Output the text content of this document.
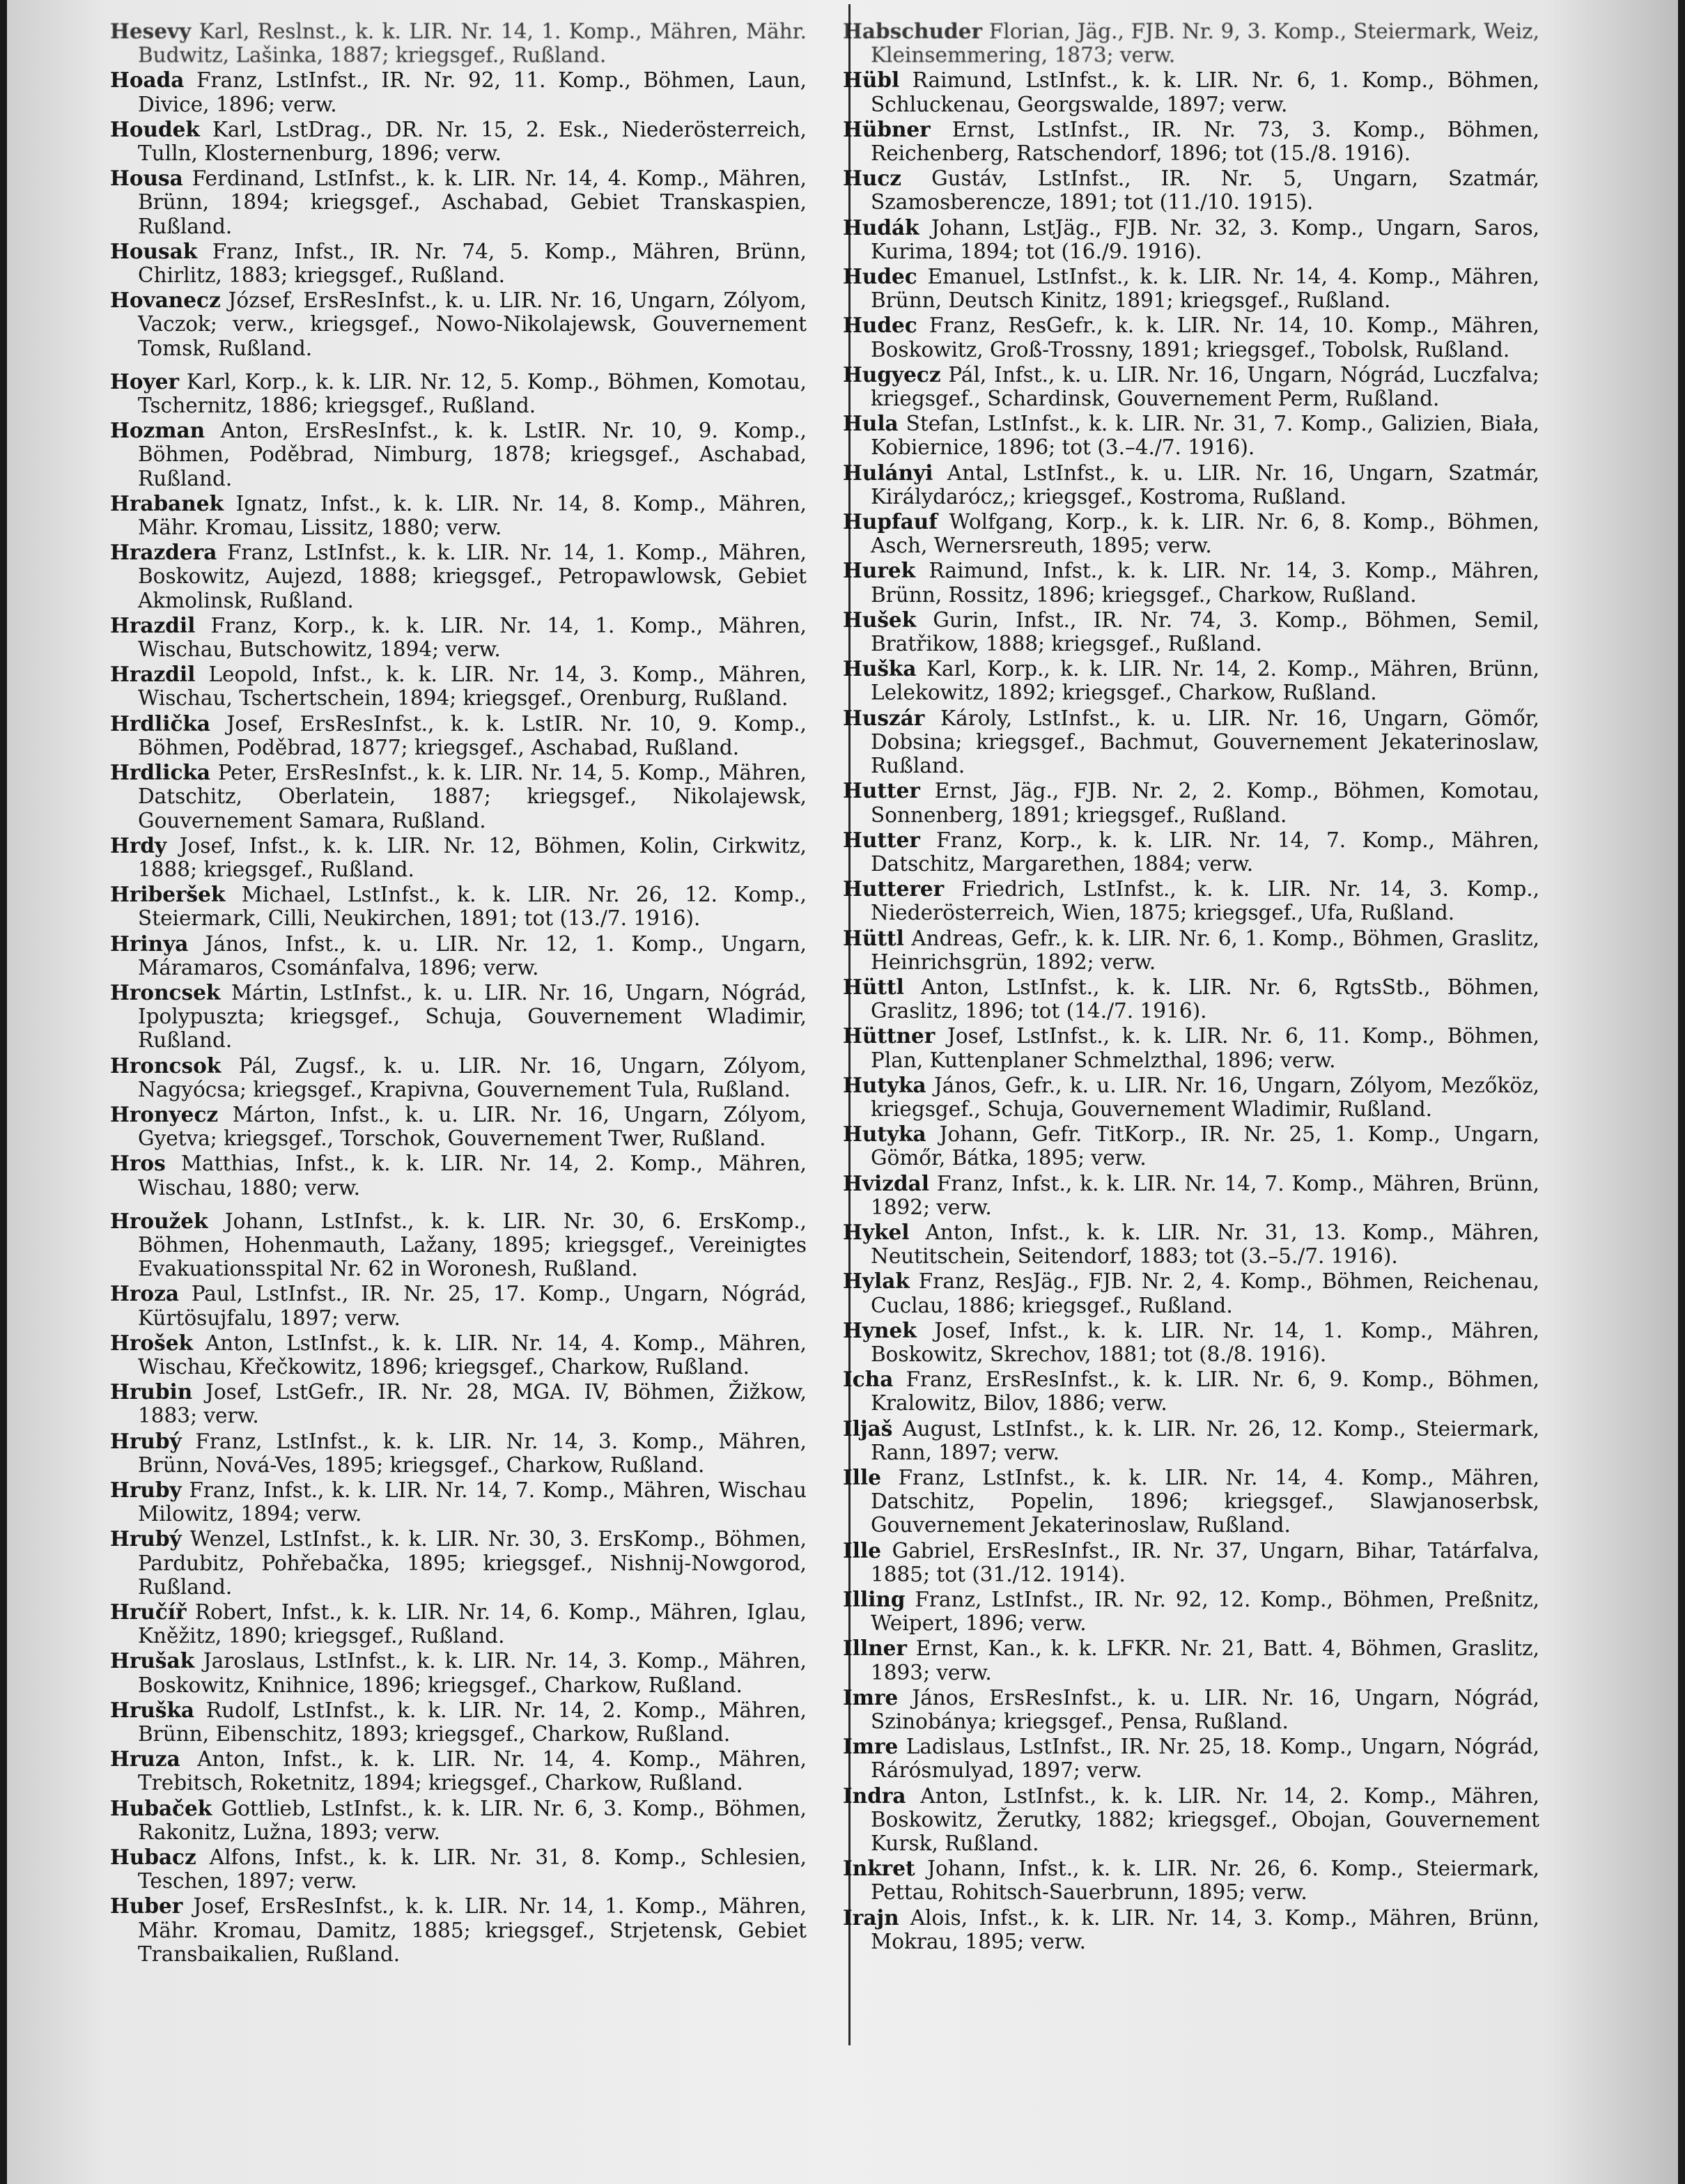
Hesevy Karl, Reslnst., k. k. LIR. Nr. 14, 1. Komp., Mähren, Mähr. Budwitz, Lašinka, 1887; kriegsgef., Rußland.

Hoada Franz, LstInfst., IR. Nr. 92, 11. Komp., Böhmen, Laun, Divice, 1896; verw.

Houdek Karl, LstDrag., DR. Nr. 15, 2. Esk., Niederösterreich, Tulln, Klosternenburg, 1896; verw.

Housa Ferdinand, LstInfst., k. k. LIR. Nr. 14, 4. Komp., Mähren, Brünn, 1894; kriegsgef., Aschabad, Gebiet Transkaspien, Rußland.

Housak Franz, Infst., IR. Nr. 74, 5. Komp., Mähren, Brünn, Chirlitz, 1883; kriegsgef., Rußland.

Hovanecz József, ErsResInfst., k. u. LIR. Nr. 16, Ungarn, Zólyom, Vaczok; verw., kriegsgef., Nowo-Nikolajewsk, Gouvernement Tomsk, Rußland.

Hoyer Karl, Korp., k. k. LIR. Nr. 12, 5. Komp., Böhmen, Komotau, Tschernitz, 1886; kriegsgef., Rußland.

Hozman Anton, ErsResInfst., k. k. LstIR. Nr. 10, 9. Komp., Böhmen, Poděbrad, Nimburg, 1878; kriegsgef., Aschabad, Rußland.

Hrabanek Ignatz, Infst., k. k. LIR. Nr. 14, 8. Komp., Mähren, Mähr. Kromau, Lissitz, 1880; verw.

Hrazdera Franz, LstInfst., k. k. LIR. Nr. 14, 1. Komp., Mähren, Boskowitz, Aujezd, 1888; kriegsgef., Petropawlowsk, Gebiet Akmolinsk, Rußland.

Hrazdil Franz, Korp., k. k. LIR. Nr. 14, 1. Komp., Mähren, Wischau, Butschowitz, 1894; verw.

Hrazdil Leopold, Infst., k. k. LIR. Nr. 14, 3. Komp., Mähren, Wischau, Tschertschein, 1894; kriegsgef., Orenburg, Rußland.

Hrdlička Josef, ErsResInfst., k. k. LstIR. Nr. 10, 9. Komp., Böhmen, Poděbrad, 1877; kriegsgef., Aschabad, Rußland.

Hrdlicka Peter, ErsResInfst., k. k. LIR. Nr. 14, 5. Komp., Mähren, Datschitz, Oberlatein, 1887; kriegsgef., Nikolajewsk, Gouvernement Samara, Rußland.

Hrdy Josef, Infst., k. k. LIR. Nr. 12, Böhmen, Kolin, Cirkwitz, 1888; kriegsgef., Rußland.

Hriberšek Michael, LstInfst., k. k. LIR. Nr. 26, 12. Komp., Steiermark, Cilli, Neukirchen, 1891; tot (13./7. 1916).

Hrinya János, Infst., k. u. LIR. Nr. 12, 1. Komp., Ungarn, Máramaros, Csománfalva, 1896; verw.

Hroncsek Mártin, LstInfst., k. u. LIR. Nr. 16, Ungarn, Nógrád, Ipolypuszta; kriegsgef., Schuja, Gouvernement Wladimir, Rußland.

Hroncsok Pál, Zugsf., k. u. LIR. Nr. 16, Ungarn, Zólyom, Nagyócsa; kriegsgef., Krapivna, Gouvernement Tula, Rußland.

Hronyecz Márton, Infst., k. u. LIR. Nr. 16, Ungarn, Zólyom, Gyetva; kriegsgef., Torschok, Gouvernement Twer, Rußland.

Hros Matthias, Infst., k. k. LIR. Nr. 14, 2. Komp., Mähren, Wischau, 1880; verw.

Hroužek Johann, LstInfst., k. k. LIR. Nr. 30, 6. ErsKomp., Böhmen, Hohenmauth, Lažany, 1895; kriegsgef., Vereinigtes Evakuationsspital Nr. 62 in Woronesh, Rußland.

Hroza Paul, LstInfst., IR. Nr. 25, 17. Komp., Ungarn, Nógrád, Kürtösujfalu, 1897; verw.

Hrošek Anton, LstInfst., k. k. LIR. Nr. 14, 4. Komp., Mähren, Wischau, Křečkowitz, 1896; kriegsgef., Charkow, Rußland.

Hrubin Josef, LstGefr., IR. Nr. 28, MGA. IV, Böhmen, Žižkow, 1883; verw.

Hrubý Franz, LstInfst., k. k. LIR. Nr. 14, 3. Komp., Mähren, Brünn, Nová-Ves, 1895; kriegsgef., Charkow, Rußland.

Hruby Franz, Infst., k. k. LIR. Nr. 14, 7. Komp., Mähren, Wischau Milowitz, 1894; verw.

Hrubý Wenzel, LstInfst., k. k. LIR. Nr. 30, 3. ErsKomp., Böhmen, Pardubitz, Pohřebačka, 1895; kriegsgef., Nishnij-Nowgorod, Rußland.

Hručíř Robert, Infst., k. k. LIR. Nr. 14, 6. Komp., Mähren, Iglau, Kněžitz, 1890; kriegsgef., Rußland.

Hrušak Jaroslaus, LstInfst., k. k. LIR. Nr. 14, 3. Komp., Mähren, Boskowitz, Knihnice, 1896; kriegsgef., Charkow, Rußland.

Hruška Rudolf, LstInfst., k. k. LIR. Nr. 14, 2. Komp., Mähren, Brünn, Eibenschitz, 1893; kriegsgef., Charkow, Rußland.

Hruza Anton, Infst., k. k. LIR. Nr. 14, 4. Komp., Mähren, Trebitsch, Roketnitz, 1894; kriegsgef., Charkow, Rußland.

Hubaček Gottlieb, LstInfst., k. k. LIR. Nr. 6, 3. Komp., Böhmen, Rakonitz, Lužna, 1893; verw.

Hubacz Alfons, Infst., k. k. LIR. Nr. 31, 8. Komp., Schlesien, Teschen, 1897; verw.

Huber Josef, ErsResInfst., k. k. LIR. Nr. 14, 1. Komp., Mähren, Mähr. Kromau, Damitz, 1885; kriegsgef., Strjetensk, Gebiet Transbaikalien, Rußland.

Habschuder Florian, Jäg., FJB. Nr. 9, 3. Komp., Steiermark, Weiz, Kleinsemmering, 1873; verw.

Hübl Raimund, LstInfst., k. k. LIR. Nr. 6, 1. Komp., Böhmen, Schluckenau, Georgswalde, 1897; verw.

Hübner Ernst, LstInfst., IR. Nr. 73, 3. Komp., Böhmen, Reichenberg, Ratschendorf, 1896; tot (15./8. 1916).

Hucz Gustáv, LstInfst., IR. Nr. 5, Ungarn, Szatmár, Szamosberencze, 1891; tot (11./10. 1915).

Hudák Johann, LstJäg., FJB. Nr. 32, 3. Komp., Ungarn, Saros, Kurima, 1894; tot (16./9. 1916).

Hudec Emanuel, LstInfst., k. k. LIR. Nr. 14, 4. Komp., Mähren, Brünn, Deutsch Kinitz, 1891; kriegsgef., Rußland.

Hudec Franz, ResGefr., k. k. LIR. Nr. 14, 10. Komp., Mähren, Boskowitz, Groß-Trossny, 1891; kriegsgef., Tobolsk, Rußland.

Hugyecz Pál, Infst., k. u. LIR. Nr. 16, Ungarn, Nógrád, Luczfalva; kriegsgef., Schardinsk, Gouvernement Perm, Rußland.

Hula Stefan, LstInfst., k. k. LIR. Nr. 31, 7. Komp., Galizien, Biała, Kobiernice, 1896; tot (3.–4./7. 1916).

Hulányi Antal, LstInfst., k. u. LIR. Nr. 16, Ungarn, Szatmár, Királydarócz,; kriegsgef., Kostroma, Rußland.

Hupfauf Wolfgang, Korp., k. k. LIR. Nr. 6, 8. Komp., Böhmen, Asch, Wernersreuth, 1895; verw.

Hurek Raimund, Infst., k. k. LIR. Nr. 14, 3. Komp., Mähren, Brünn, Rossitz, 1896; kriegsgef., Charkow, Rußland.

Hušek Gurin, Infst., IR. Nr. 74, 3. Komp., Böhmen, Semil, Bratřikow, 1888; kriegsgef., Rußland.

Huška Karl, Korp., k. k. LIR. Nr. 14, 2. Komp., Mähren, Brünn, Lelekowitz, 1892; kriegsgef., Charkow, Rußland.

Huszár Károly, LstInfst., k. u. LIR. Nr. 16, Ungarn, Gömőr, Dobsina; kriegsgef., Bachmut, Gouvernement Jekaterinoslaw, Rußland.

Hutter Ernst, Jäg., FJB. Nr. 2, 2. Komp., Böhmen, Komotau, Sonnenberg, 1891; kriegsgef., Rußland.

Hutter Franz, Korp., k. k. LIR. Nr. 14, 7. Komp., Mähren, Datschitz, Margarethen, 1884; verw.

Hutterer Friedrich, LstInfst., k. k. LIR. Nr. 14, 3. Komp., Niederösterreich, Wien, 1875; kriegsgef., Ufa, Rußland.

Hüttl Andreas, Gefr., k. k. LIR. Nr. 6, 1. Komp., Böhmen, Graslitz, Heinrichsgrün, 1892; verw.

Hüttl Anton, LstInfst., k. k. LIR. Nr. 6, RgtsStb., Böhmen, Graslitz, 1896; tot (14./7. 1916).

Hüttner Josef, LstInfst., k. k. LIR. Nr. 6, 11. Komp., Böhmen, Plan, Kuttenplaner Schmelzthal, 1896; verw.

Hutyka János, Gefr., k. u. LIR. Nr. 16, Ungarn, Zólyom, Mezőköz, kriegsgef., Schuja, Gouvernement Wladimir, Rußland.

Hutyka Johann, Gefr. TitKorp., IR. Nr. 25, 1. Komp., Ungarn, Gömőr, Bátka, 1895; verw.

Hvizdal Franz, Infst., k. k. LIR. Nr. 14, 7. Komp., Mähren, Brünn, 1892; verw.

Hykel Anton, Infst., k. k. LIR. Nr. 31, 13. Komp., Mähren, Neutitschein, Seitendorf, 1883; tot (3.–5./7. 1916).

Hylak Franz, ResJäg., FJB. Nr. 2, 4. Komp., Böhmen, Reichenau, Cuclau, 1886; kriegsgef., Rußland.

Hynek Josef, Infst., k. k. LIR. Nr. 14, 1. Komp., Mähren, Boskowitz, Skrechov, 1881; tot (8./8. 1916).

Icha Franz, ErsResInfst., k. k. LIR. Nr. 6, 9. Komp., Böhmen, Kralowitz, Bilov, 1886; verw.

Iljaš August, LstInfst., k. k. LIR. Nr. 26, 12. Komp., Steiermark, Rann, 1897; verw.

Ille Franz, LstInfst., k. k. LIR. Nr. 14, 4. Komp., Mähren, Datschitz, Popelin, 1896; kriegsgef., Slawjanoserbsk, Gouvernement Jekaterinoslaw, Rußland.

Ille Gabriel, ErsResInfst., IR. Nr. 37, Ungarn, Bihar, Tatárfalva, 1885; tot (31./12. 1914).

Illing Franz, LstInfst., IR. Nr. 92, 12. Komp., Böhmen, Preßnitz, Weipert, 1896; verw.

Illner Ernst, Kan., k. k. LFKR. Nr. 21, Batt. 4, Böhmen, Graslitz, 1893; verw.

Imre János, ErsResInfst., k. u. LIR. Nr. 16, Ungarn, Nógrád, Szinobánya; kriegsgef., Pensa, Rußland.

Imre Ladislaus, LstInfst., IR. Nr. 25, 18. Komp., Ungarn, Nógrád, Rárósmulyad, 1897; verw.

Indra Anton, LstInfst., k. k. LIR. Nr. 14, 2. Komp., Mähren, Boskowitz, Žerutky, 1882; kriegsgef., Obojan, Gouvernement Kursk, Rußland.

Inkret Johann, Infst., k. k. LIR. Nr. 26, 6. Komp., Steiermark, Pettau, Rohitsch-Sauerbrunn, 1895; verw.

Irajn Alois, Infst., k. k. LIR. Nr. 14, 3. Komp., Mähren, Brünn, Mokrau, 1895; verw.
